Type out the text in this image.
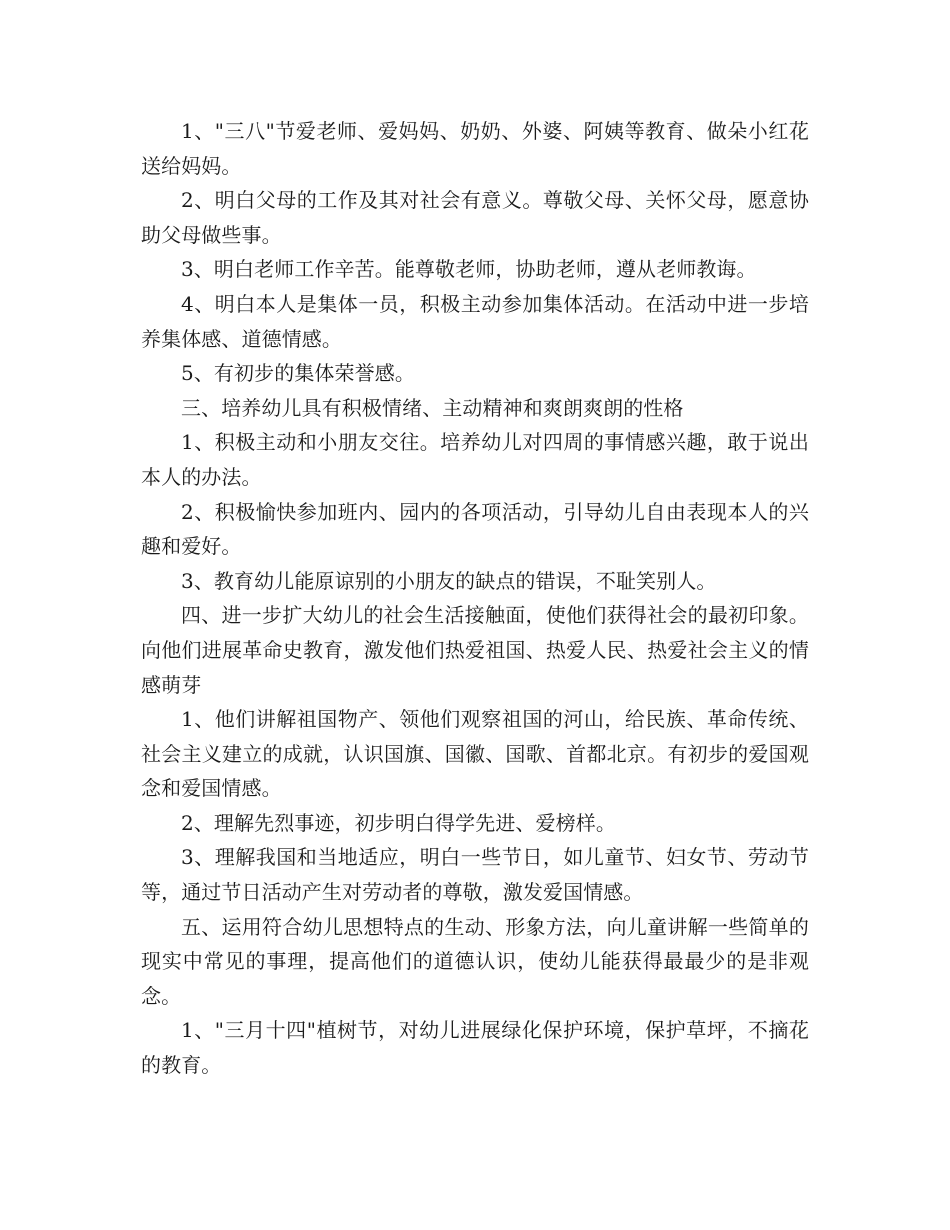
1、"三八"节爱老师、爱妈妈、奶奶、外婆、阿姨等教育、做朵小红花送给妈妈。

2、明白父母的工作及其对社会有意义。尊敬父母、关怀父母，愿意协助父母做些事。

3、明白老师工作辛苦。能尊敬老师，协助老师，遵从老师教诲。

4、明白本人是集体一员，积极主动参加集体活动。在活动中进一步培养集体感、道德情感。

5、有初步的集体荣誉感。

三、培养幼儿具有积极情绪、主动精神和爽朗爽朗的性格

1、积极主动和小朋友交往。培养幼儿对四周的事情感兴趣，敢于说出本人的办法。

2、积极愉快参加班内、园内的各项活动，引导幼儿自由表现本人的兴趣和爱好。

3、教育幼儿能原谅别的小朋友的缺点的错误，不耻笑别人。

四、进一步扩大幼儿的社会生活接触面，使他们获得社会的最初印象。向他们进展革命史教育，激发他们热爱祖国、热爱人民、热爱社会主义的情感萌芽

1、他们讲解祖国物产、领他们观察祖国的河山，给民族、革命传统、社会主义建立的成就，认识国旗、国徽、国歌、首都北京。有初步的爱国观念和爱国情感。

2、理解先烈事迹，初步明白得学先进、爱榜样。

3、理解我国和当地适应，明白一些节日，如儿童节、妇女节、劳动节等，通过节日活动产生对劳动者的尊敬，激发爱国情感。

五、运用符合幼儿思想特点的生动、形象方法，向儿童讲解一些简单的现实中常见的事理，提高他们的道德认识，使幼儿能获得最最少的是非观念。

1、"三月十四"植树节，对幼儿进展绿化保护环境，保护草坪，不摘花的教育。
